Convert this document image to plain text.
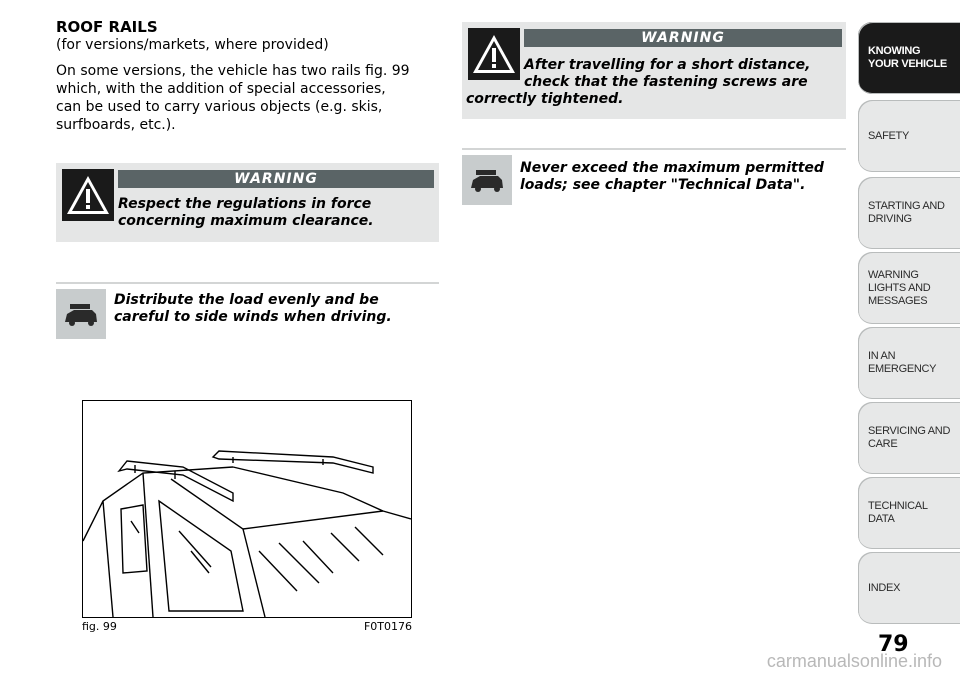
ROOF RAILS
(for versions/markets, where provided)
On some versions, the vehicle has two rails fig. 99 which, with the addition of special accessories, can be used to carry various objects (e.g. skis, surfboards, etc.).
WARNING
Respect the regulations in force concerning maximum clearance.
Distribute the load evenly and be careful to side winds when driving.
WARNING
After travelling for a short distance,
check that the fastening screws are
correctly tightened.
Never exceed the maximum permitted loads; see chapter "Technical Data".
fig. 99	F0T0176
KNOWING YOUR VEHICLE
SAFETY
STARTING AND DRIVING
WARNING LIGHTS AND MESSAGES
IN AN EMERGENCY
SERVICING AND CARE
TECHNICAL DATA
INDEX
79
carmanualsonline.info
